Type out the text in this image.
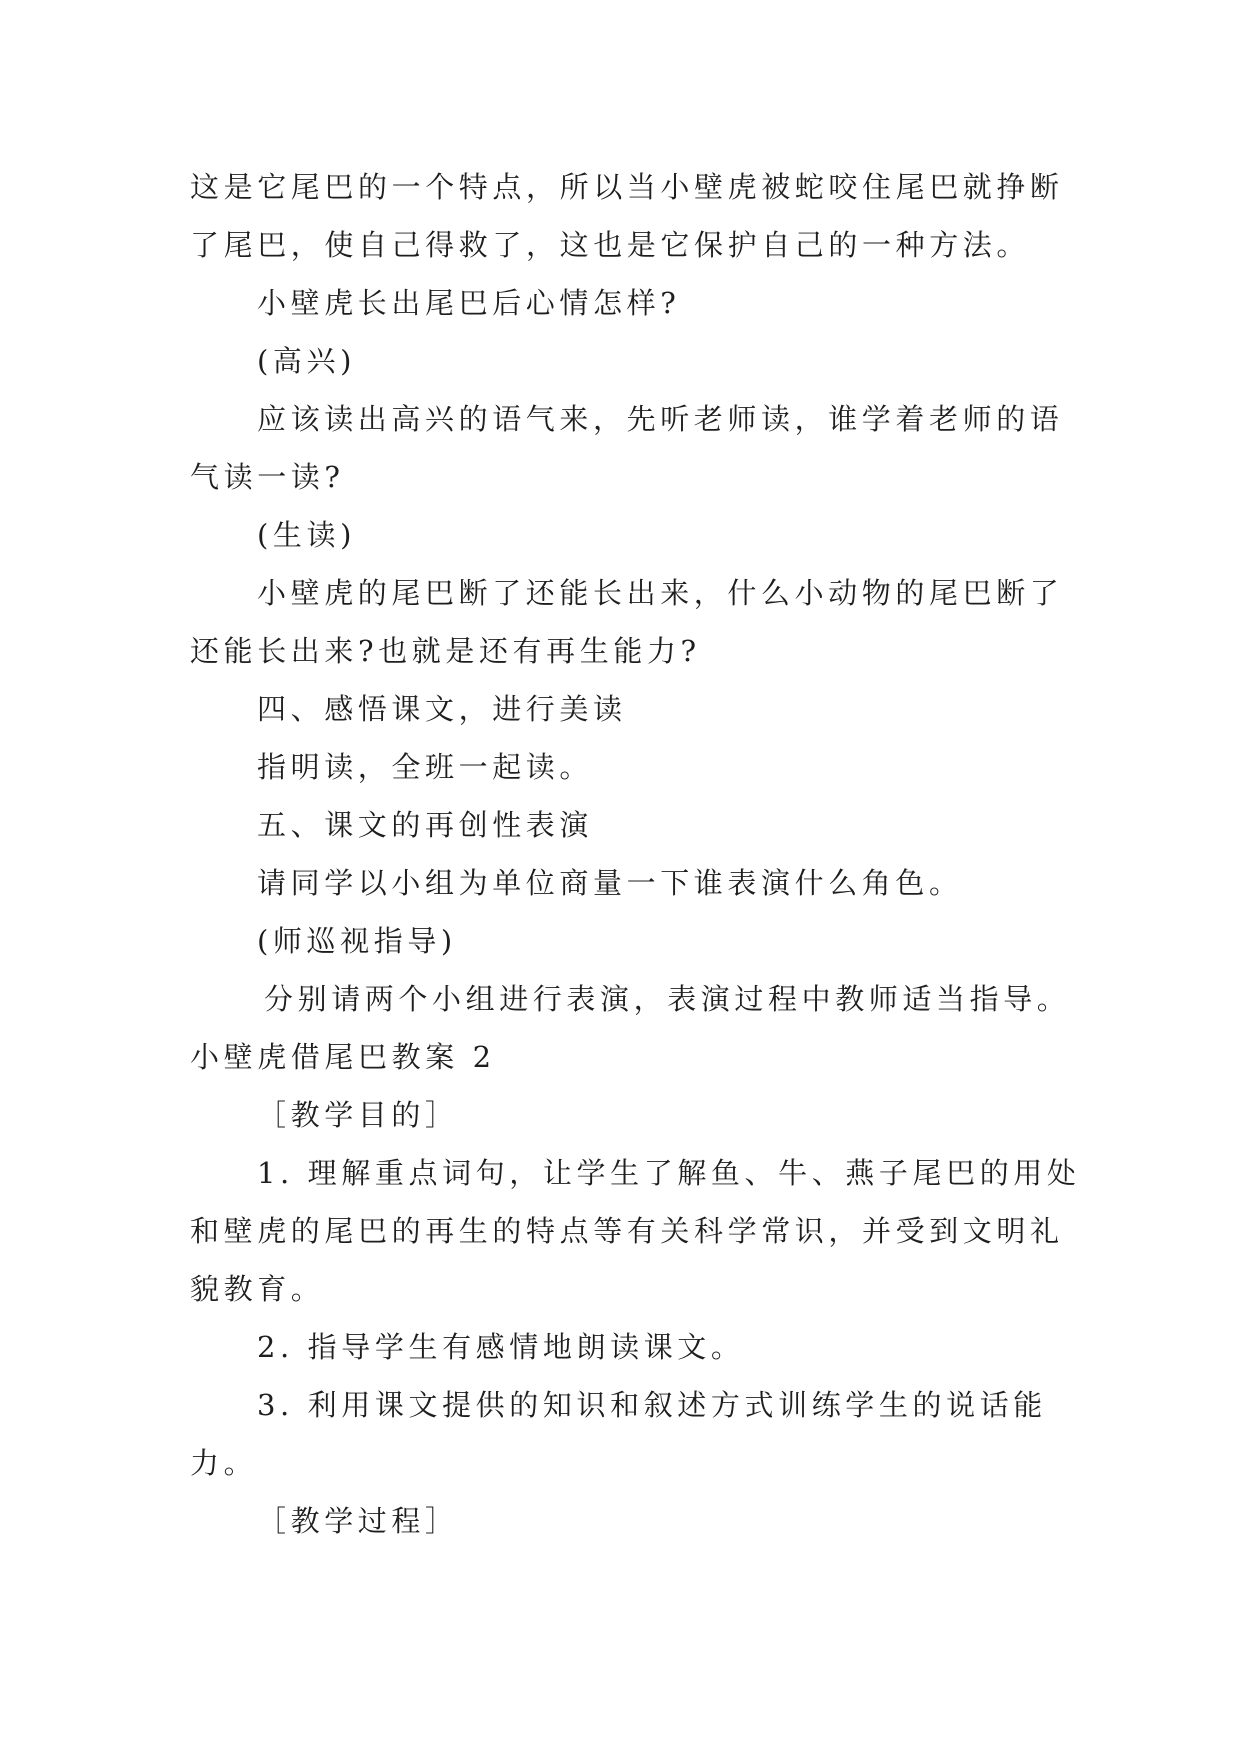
这是它尾巴的一个特点，所以当小壁虎被蛇咬住尾巴就挣断
了尾巴，使自己得救了，这也是它保护自己的一种方法。
小壁虎长出尾巴后心情怎样?
(高兴)
应该读出高兴的语气来，先听老师读，谁学着老师的语
气读一读?
(生读)
小壁虎的尾巴断了还能长出来，什么小动物的尾巴断了
还能长出来?也就是还有再生能力?
四、感悟课文，进行美读
指明读，全班一起读。
五、课文的再创性表演
请同学以小组为单位商量一下谁表演什么角色。
(师巡视指导)
分别请两个小组进行表演，表演过程中教师适当指导。
小壁虎借尾巴教案 2
［教学目的］
1. 理解重点词句，让学生了解鱼、牛、燕子尾巴的用处
和壁虎的尾巴的再生的特点等有关科学常识，并受到文明礼
貌教育。
2. 指导学生有感情地朗读课文。
3. 利用课文提供的知识和叙述方式训练学生的说话能
力。
［教学过程］
